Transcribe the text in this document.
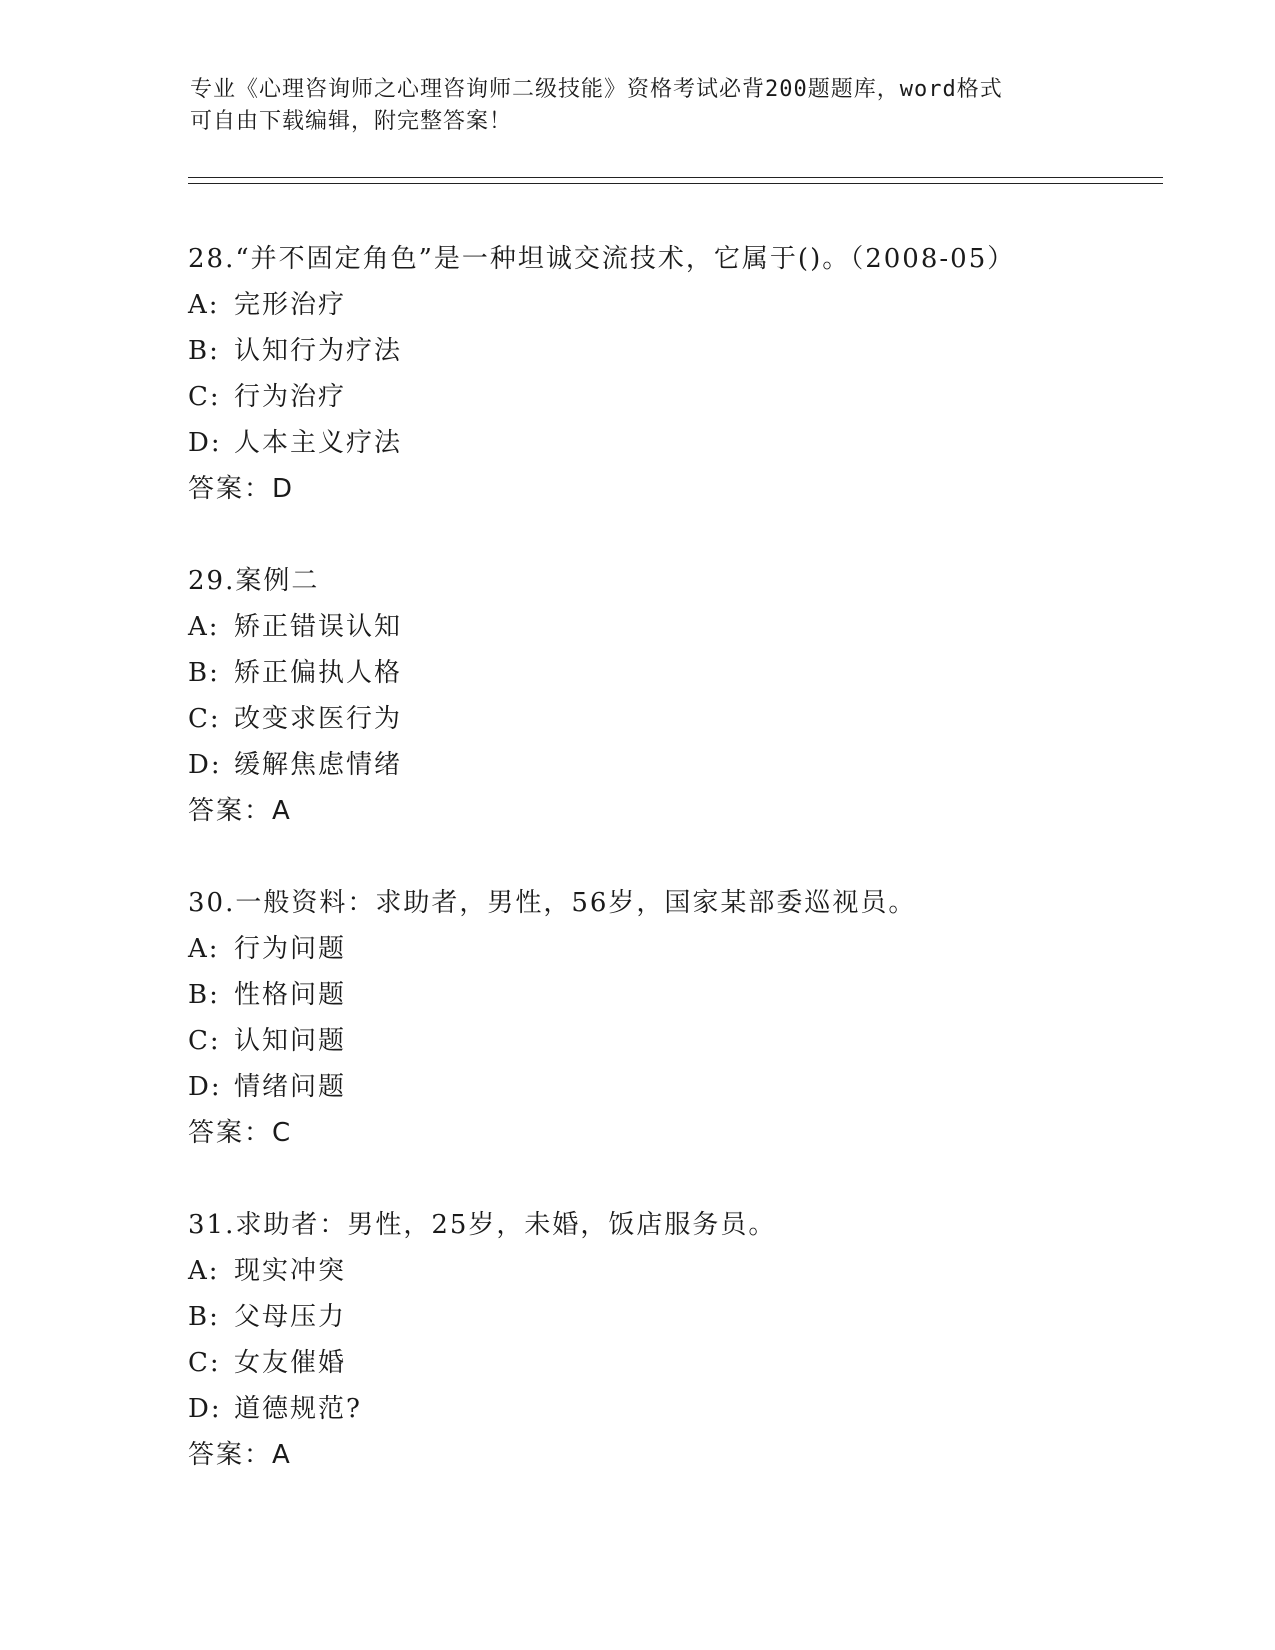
专业《心理咨询师之心理咨询师二级技能》资格考试必背200题题库，word格式
可自由下载编辑，附完整答案！
28.“并不固定角色”是一种坦诚交流技术，它属于()。（2008-05）
A: 完形治疗
B: 认知行为疗法
C: 行为治疗
D: 人本主义疗法
答案：D
29.案例二
A: 矫正错误认知
B: 矫正偏执人格
C: 改变求医行为
D: 缓解焦虑情绪
答案：A
30.一般资料：求助者，男性，56岁，国家某部委巡视员。
A: 行为问题
B: 性格问题
C: 认知问题
D: 情绪问题
答案：C
31.求助者：男性，25岁，未婚，饭店服务员。
A: 现实冲突
B: 父母压力
C: 女友催婚
D: 道德规范?
答案：A
